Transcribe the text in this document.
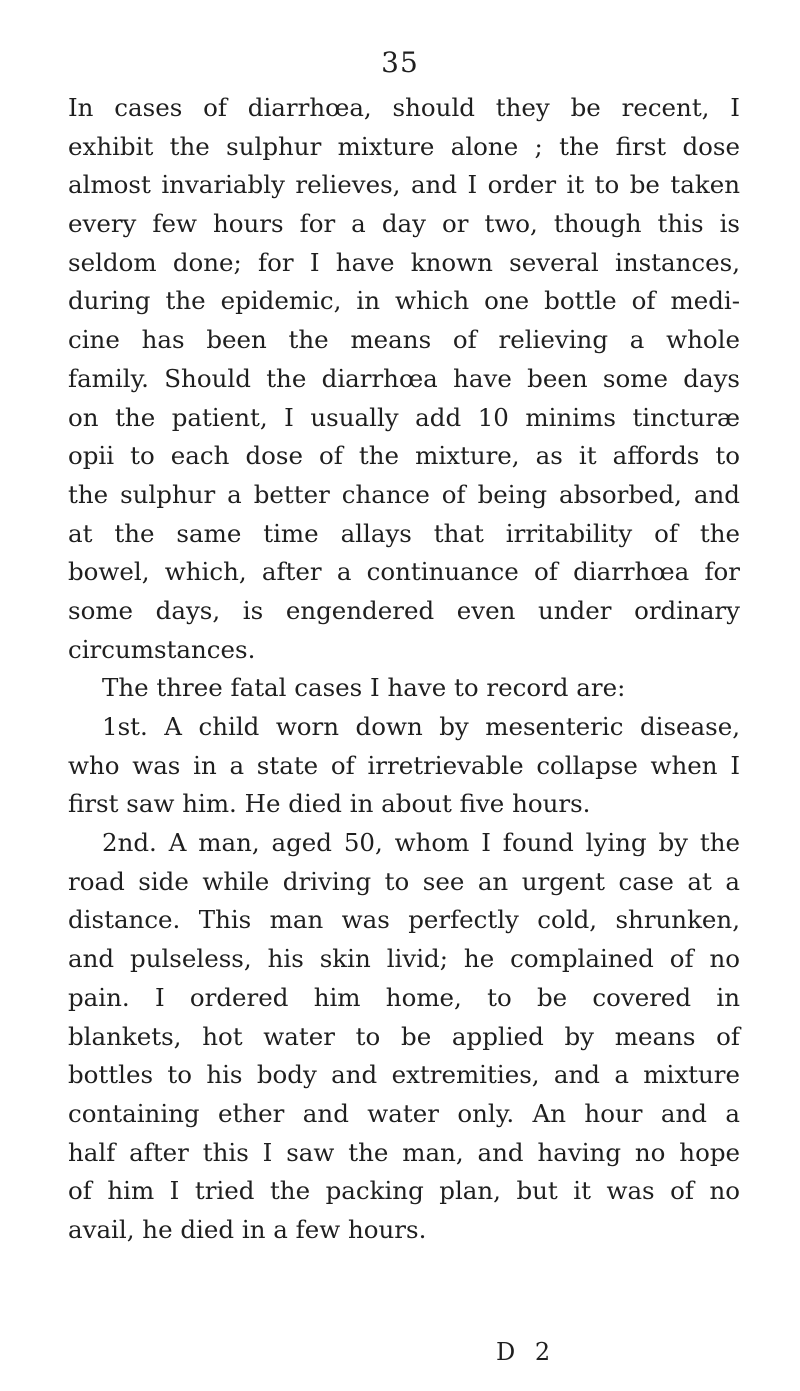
35
In cases of diarrhœa, should they be recent, I
exhibit the sulphur mixture alone ; the first dose
almost invariably relieves, and I order it to be taken
every few hours for a day or two, though this is
seldom done; for I have known several instances,
during the epidemic, in which one bottle of medi-
cine has been the means of relieving a whole
family. Should the diarrhœa have been some days
on the patient, I usually add 10 minims tincturæ
opii to each dose of the mixture, as it affords to
the sulphur a better chance of being absorbed, and
at the same time allays that irritability of the
bowel, which, after a continuance of diarrhœa for
some days, is engendered even under ordinary
circumstances.
The three fatal cases I have to record are:
1st. A child worn down by mesenteric disease,
who was in a state of irretrievable collapse when I
first saw him. He died in about five hours.
2nd. A man, aged 50, whom I found lying by the
road side while driving to see an urgent case at a
distance. This man was perfectly cold, shrunken,
and pulseless, his skin livid; he complained of no
pain. I ordered him home, to be covered in
blankets, hot water to be applied by means of
bottles to his body and extremities, and a mixture
containing ether and water only. An hour and a
half after this I saw the man, and having no hope
of him I tried the packing plan, but it was of no
avail, he died in a few hours.
D 2
